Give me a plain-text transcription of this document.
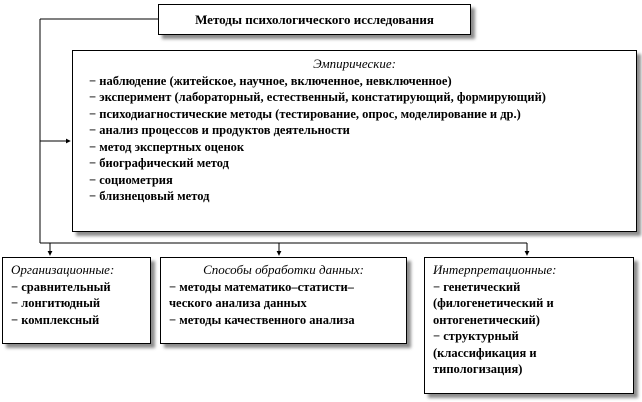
Методы психологического исследования

Эмпирические:

− наблюдение (житейское, научное, включенное, невключенное)

− эксперимент (лабораторный, естественный, констатирующий, формирующий)

− психодиагностические методы (тестирование, опрос, моделирование и др.)

− анализ процессов и продуктов деятельности

− метод экспертных оценок

− биографический метод

− социометрия

− близнецовый метод

Организационные:

− сравнительный

− лонгитюдный

− комплексный

Способы обработки данных:

− методы математико–статисти–

ческого анализа данных

− методы качественного анализа

Интерпретационные:

− генетический

(филогенетический и

онтогенетический)

− структурный

(классификация и

типологизация)
